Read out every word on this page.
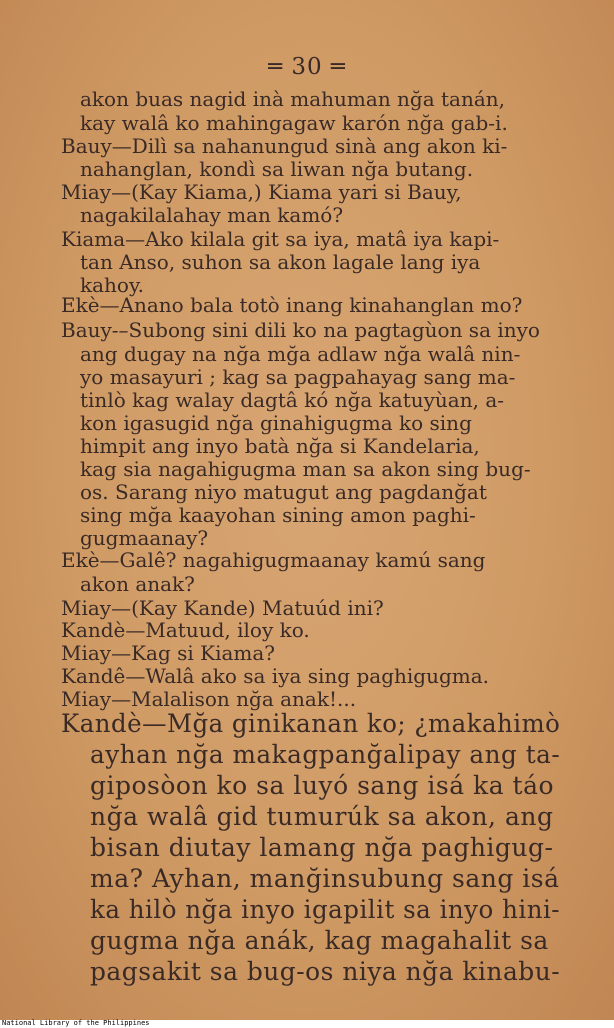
═ 30 ═
akon buas nagid inà mahuman nğa tanán,
kay walâ ko mahingagaw karón nğa gab-i.
Bauy—Dilì sa nahanungud sinà ang akon ki-
nahanglan, kondì sa liwan nğa butang.
Miay—(Kay Kiama,) Kiama yari si Bauy,
nagakilalahay man kamó?
Kiama—Ako kilala git sa iya, matâ iya kapi-
tan Anso, suhon sa akon lagale lang iya
kahoy.
Ekè—Anano bala totò inang kinahanglan mo?
Bauy-–Subong sini dili ko na pagtagùon sa inyo
ang dugay na nğa mğa adlaw nğa walâ nin-
yo masayuri ; kag sa pagpahayag sang ma-
tinlò kag walay dagtâ kó nğa katuyùan, a-
kon igasugid nğa ginahigugma ko sing
himpit ang inyo batà nğa si Kandelaria,
kag sia nagahigugma man sa akon sing bug-
os. Sarang niyo matugut ang pagdanğat
sing mğa kaayohan sining amon paghi-
gugmaanay?
Ekè—Galê? nagahigugmaanay kamú sang
akon anak?
Miay—(Kay Kande) Matuúd ini?
Kandè—Matuud, iloy ko.
Miay—Kag si Kiama?
Kandê—Walâ ako sa iya sing paghigugma.
Miay—Malalison nğa anak!...
Kandè—Mğa ginikanan ko; ¿makahimò
ayhan nğa makagpanğalipay ang ta-
giposòon ko sa luyó sang isá ka táo
nğa walâ gid tumurúk sa akon, ang
bisan diutay lamang nğa paghigug-
ma? Ayhan, manğinsubung sang isá
ka hilò nğa inyo igapilit sa inyo hini-
gugma nğa anák, kag magahalit sa
pagsakit sa bug-os niya nğa kinabu-
National Library of the Philippines
